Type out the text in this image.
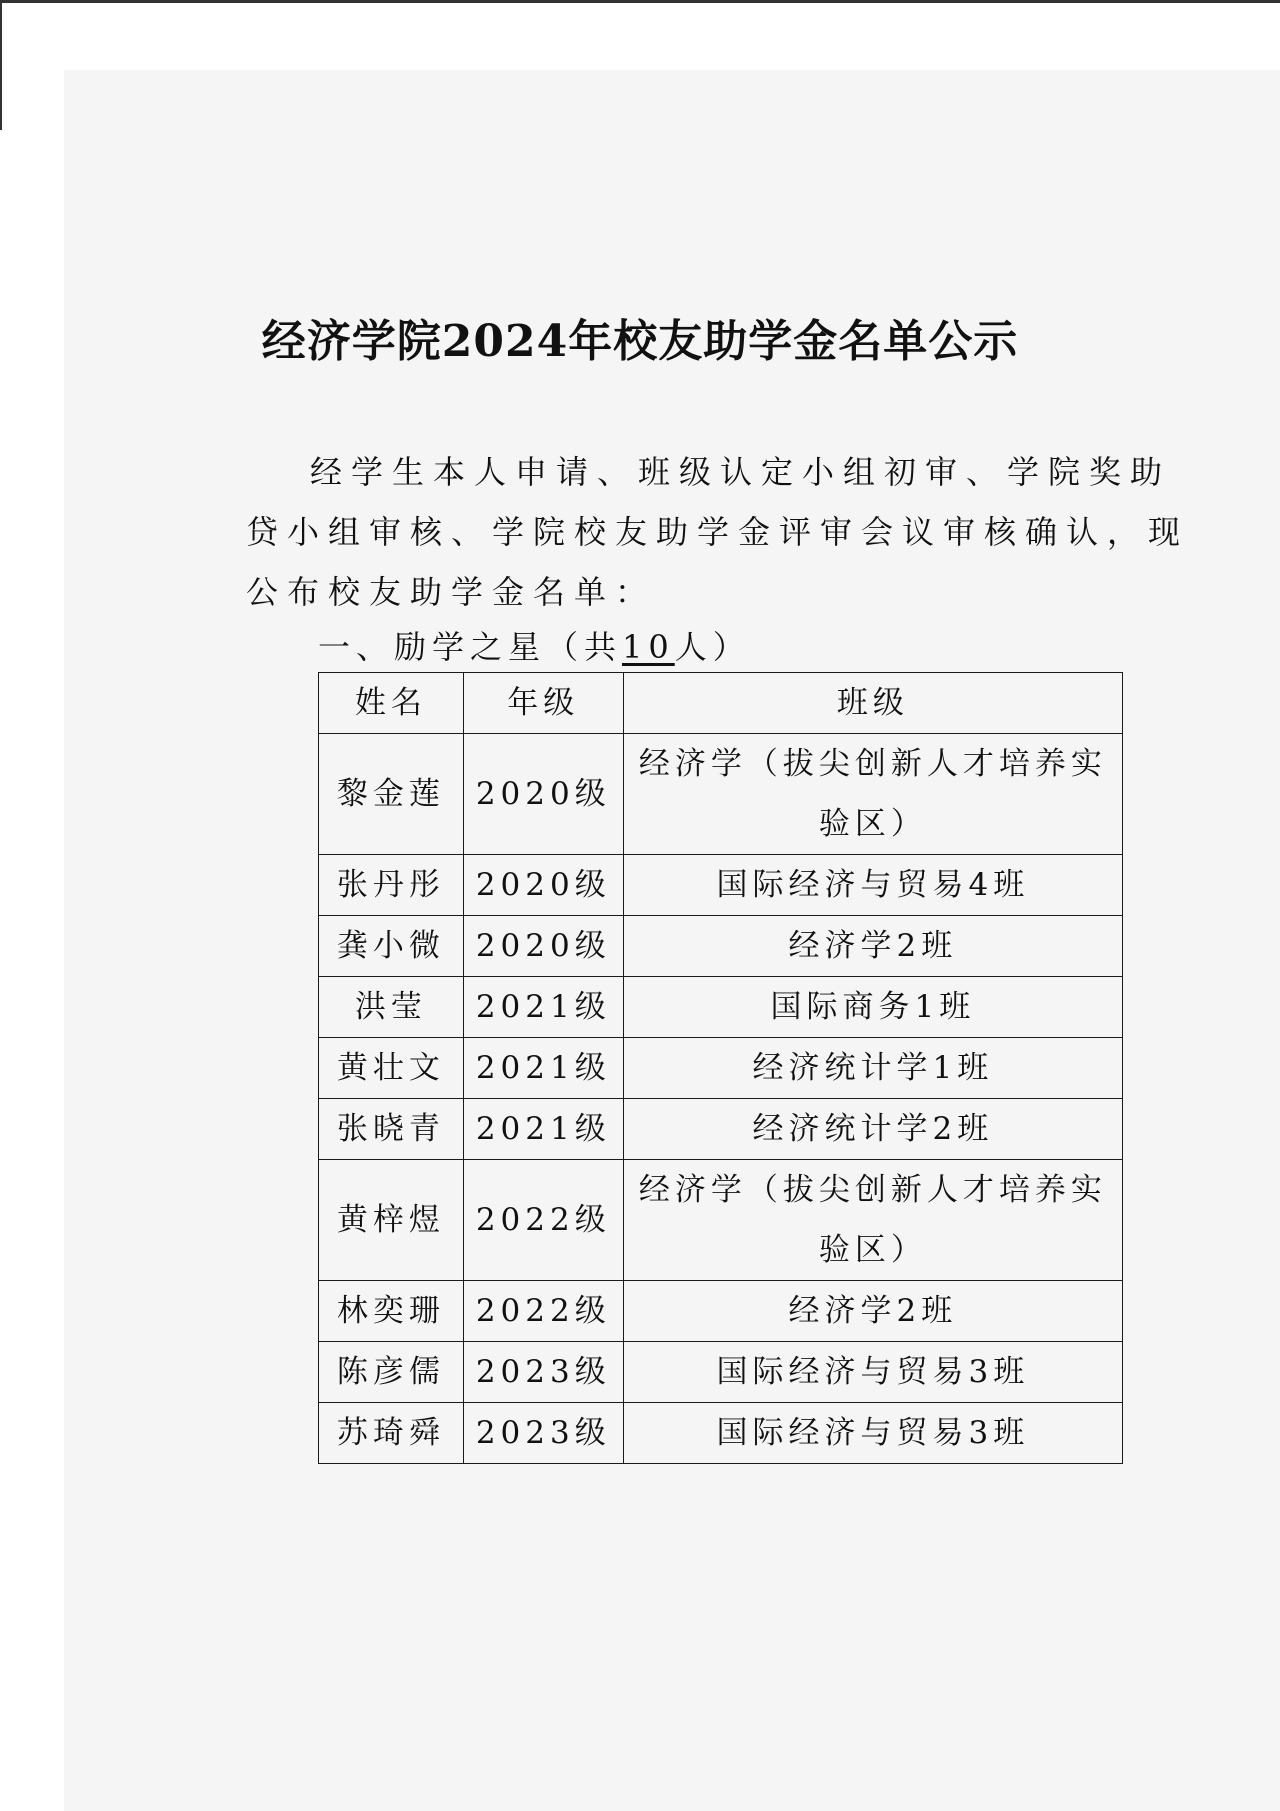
经济学院2024年校友助学金名单公示

经学生本人申请、班级认定小组初审、学院奖助贷小组审核、学院校友助学金评审会议审核确认，现公布校友助学金名单：

一、励学之星（共10人）

姓名	年级	班级
黎金莲	2020级	经济学（拔尖创新人才培养实验区）
张丹彤	2020级	国际经济与贸易4班
龚小微	2020级	经济学2班
洪莹	2021级	国际商务1班
黄壮文	2021级	经济统计学1班
张晓青	2021级	经济统计学2班
黄梓煜	2022级	经济学（拔尖创新人才培养实验区）
林奕珊	2022级	经济学2班
陈彦儒	2023级	国际经济与贸易3班
苏琦舜	2023级	国际经济与贸易3班
